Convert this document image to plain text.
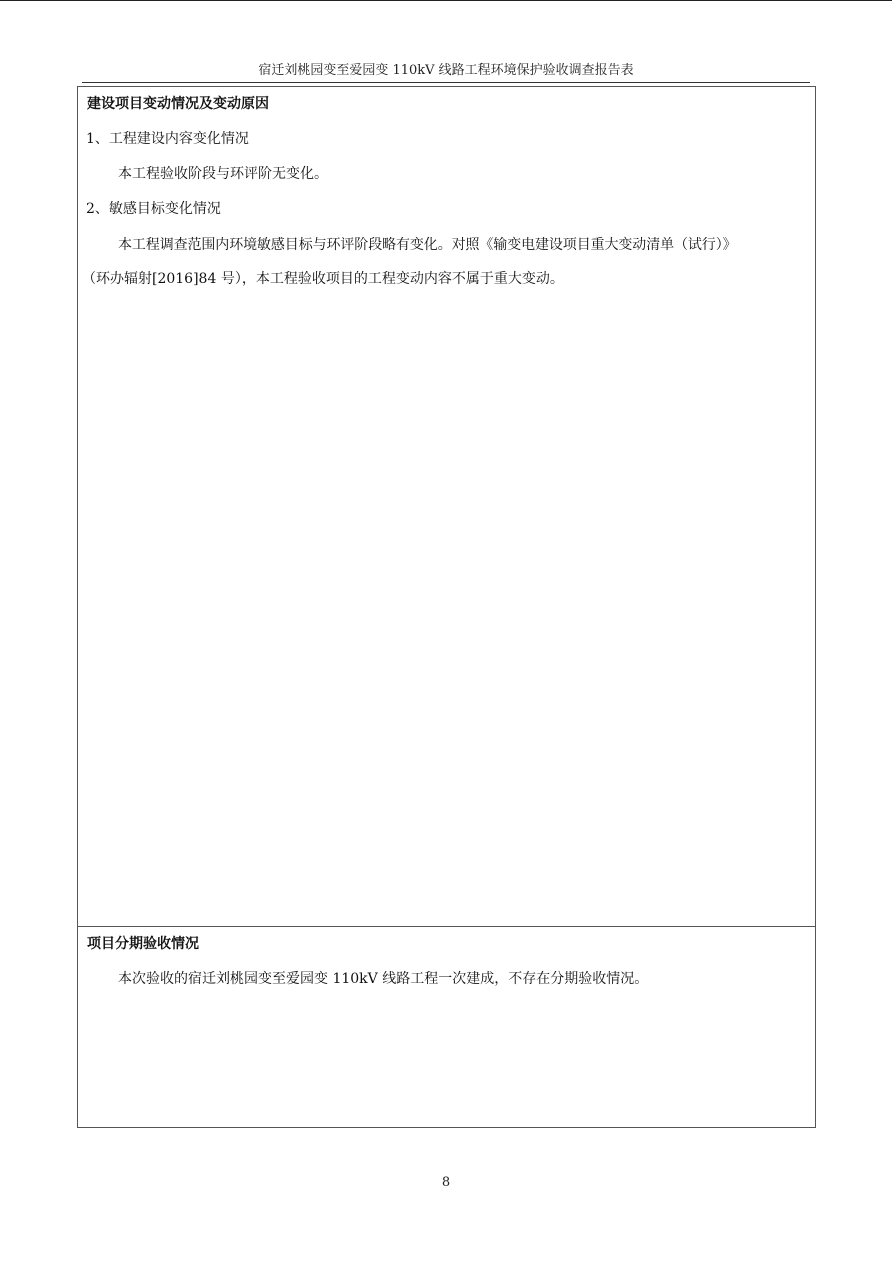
宿迁刘桃园变至爱园变 110kV 线路工程环境保护验收调查报告表
建设项目变动情况及变动原因
1、工程建设内容变化情况
本工程验收阶段与环评阶无变化。
2、敏感目标变化情况
本工程调查范围内环境敏感目标与环评阶段略有变化。对照《输变电建设项目重大变动清单（试行）》
（环办辐射[2016]84 号），本工程验收项目的工程变动内容不属于重大变动。
项目分期验收情况
本次验收的宿迁刘桃园变至爱园变 110kV 线路工程一次建成，不存在分期验收情况。
8
